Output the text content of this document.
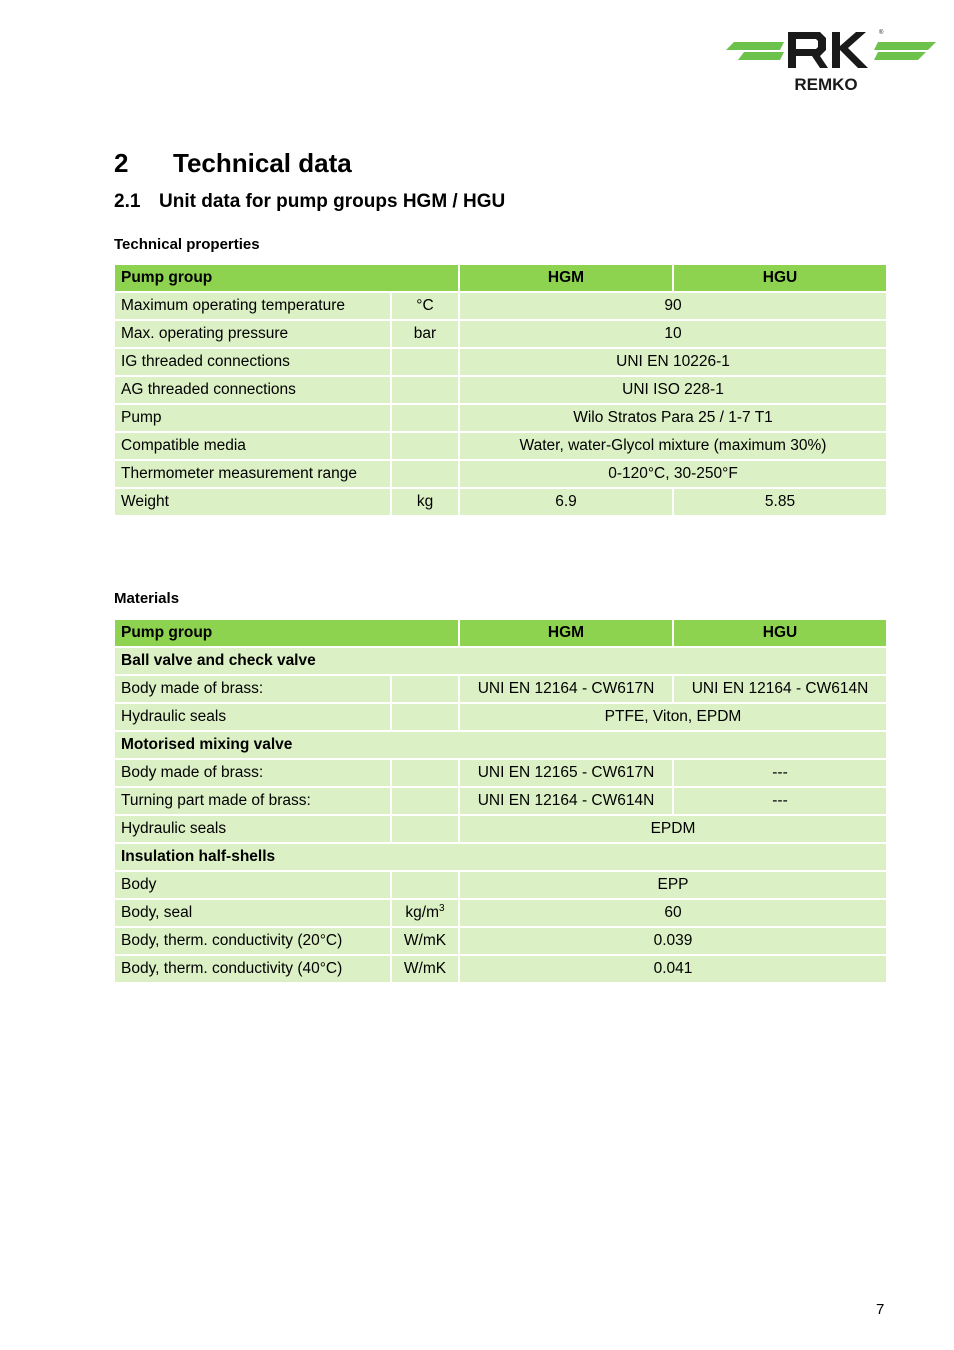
REMKO
®
2 Technical data
2.1 Unit data for pump groups HGM / HGU
Technical properties
Pump group		HGM	HGU
Maximum operating temperature	°C	90	
Max. operating pressure	bar	10	
IG threaded connections		UNI EN 10226-1	
AG threaded connections		UNI ISO 228-1	
Pump		Wilo Stratos Para 25 / 1-7 T1	
Compatible media		Water, water-Glycol mixture (maximum 30%)	
Thermometer measurement range		0-120°C, 30-250°F	
Weight	kg	6.9	5.85
Materials
Pump group		HGM	HGU
Ball valve and check valve			
Body made of brass:		UNI EN 12164 - CW617N	UNI EN 12164 - CW614N
Hydraulic seals		PTFE, Viton, EPDM	
Motorised mixing valve			
Body made of brass:		UNI EN 12165 - CW617N	---
Turning part made of brass:		UNI EN 12164 - CW614N	---
Hydraulic seals		EPDM	
Insulation half-shells			
Body		EPP	
Body, seal	$kg/m^3$	60	
Body, therm. conductivity (20°C)	W/mK	0.039	
Body, therm. conductivity (40°C)	W/mK	0.041	
7
